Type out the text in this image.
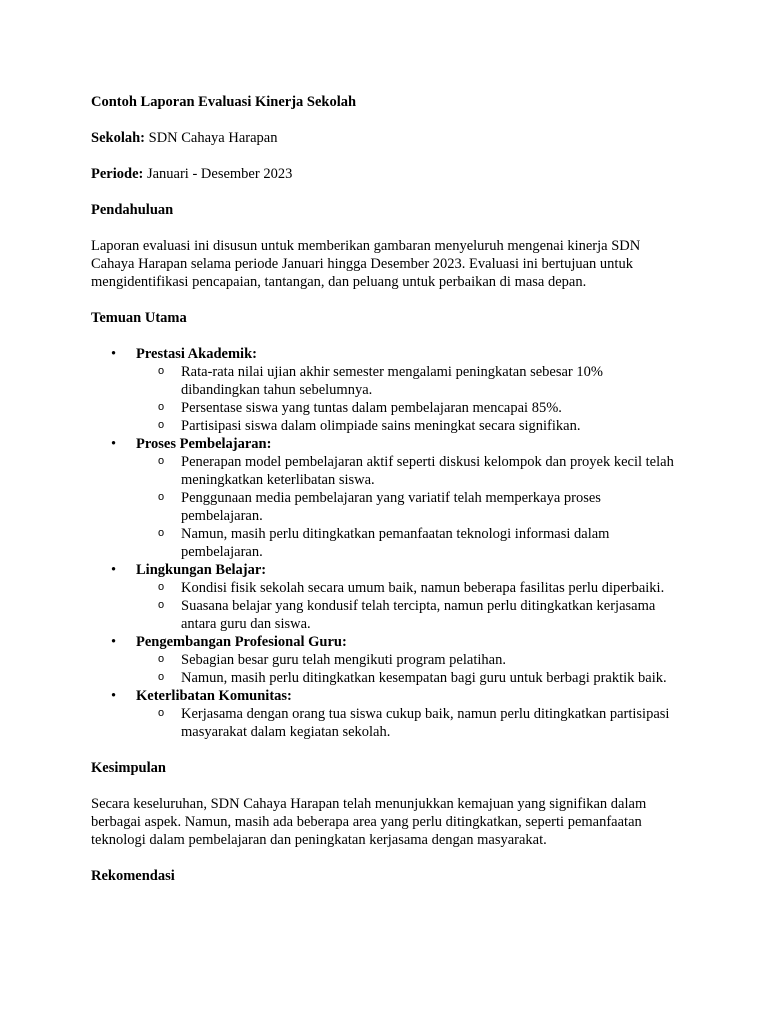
Contoh Laporan Evaluasi Kinerja Sekolah
Sekolah: SDN Cahaya Harapan
Periode: Januari - Desember 2023
Pendahuluan
Laporan evaluasi ini disusun untuk memberikan gambaran menyeluruh mengenai kinerja SDN Cahaya Harapan selama periode Januari hingga Desember 2023. Evaluasi ini bertujuan untuk mengidentifikasi pencapaian, tantangan, dan peluang untuk perbaikan di masa depan.
Temuan Utama
• Prestasi Akademik:
o Rata-rata nilai ujian akhir semester mengalami peningkatan sebesar 10% dibandingkan tahun sebelumnya.
o Persentase siswa yang tuntas dalam pembelajaran mencapai 85%.
o Partisipasi siswa dalam olimpiade sains meningkat secara signifikan.
• Proses Pembelajaran:
o Penerapan model pembelajaran aktif seperti diskusi kelompok dan proyek kecil telah meningkatkan keterlibatan siswa.
o Penggunaan media pembelajaran yang variatif telah memperkaya proses pembelajaran.
o Namun, masih perlu ditingkatkan pemanfaatan teknologi informasi dalam pembelajaran.
• Lingkungan Belajar:
o Kondisi fisik sekolah secara umum baik, namun beberapa fasilitas perlu diperbaiki.
o Suasana belajar yang kondusif telah tercipta, namun perlu ditingkatkan kerjasama antara guru dan siswa.
• Pengembangan Profesional Guru:
o Sebagian besar guru telah mengikuti program pelatihan.
o Namun, masih perlu ditingkatkan kesempatan bagi guru untuk berbagi praktik baik.
• Keterlibatan Komunitas:
o Kerjasama dengan orang tua siswa cukup baik, namun perlu ditingkatkan partisipasi masyarakat dalam kegiatan sekolah.
Kesimpulan
Secara keseluruhan, SDN Cahaya Harapan telah menunjukkan kemajuan yang signifikan dalam berbagai aspek. Namun, masih ada beberapa area yang perlu ditingkatkan, seperti pemanfaatan teknologi dalam pembelajaran dan peningkatan kerjasama dengan masyarakat.
Rekomendasi
